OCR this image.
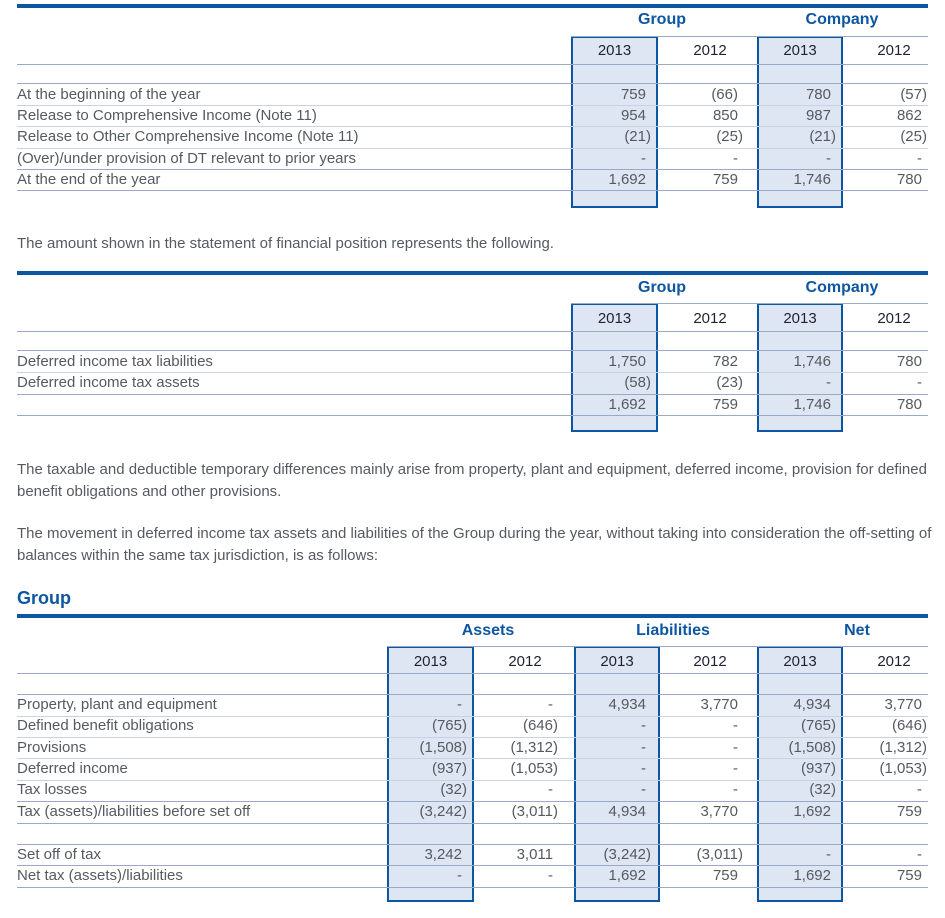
Group	Company
2013	2012	2013	2012
At the beginning of the year	759	(66)	780	(57)
Release to Comprehensive Income (Note 11)	954	850	987	862
Release to Other Comprehensive Income (Note 11)	(21)	(25)	(21)	(25)
(Over)/under provision of DT relevant to prior years	-	-	-	-
At the end of the year	1,692	759	1,746	780
The amount shown in the statement of financial position represents the following.
Group	Company
2013	2012	2013	2012
Deferred income tax liabilities	1,750	782	1,746	780
Deferred income tax assets	(58)	(23)	-	-
1,692	759	1,746	780
The taxable and deductible temporary differences mainly arise from property, plant and equipment, deferred income, provision for defined benefit obligations and other provisions.
The movement in deferred income tax assets and liabilities of the Group during the year, without taking into consideration the off-setting of balances within the same tax jurisdiction, is as follows:
Group
Assets	Liabilities	Net
2013	2012	2013	2012	2013	2012
Property, plant and equipment	-	-	4,934	3,770	4,934	3,770
Defined benefit obligations	(765)	(646)	-	-	(765)	(646)
Provisions	(1,508)	(1,312)	-	-	(1,508)	(1,312)
Deferred income	(937)	(1,053)	-	-	(937)	(1,053)
Tax losses	(32)	-	-	-	(32)	-
Tax (assets)/liabilities before set off	(3,242)	(3,011)	4,934	3,770	1,692	759
Set off of tax	3,242	3,011	(3,242)	(3,011)	-	-
Net tax (assets)/liabilities	-	-	1,692	759	1,692	759
